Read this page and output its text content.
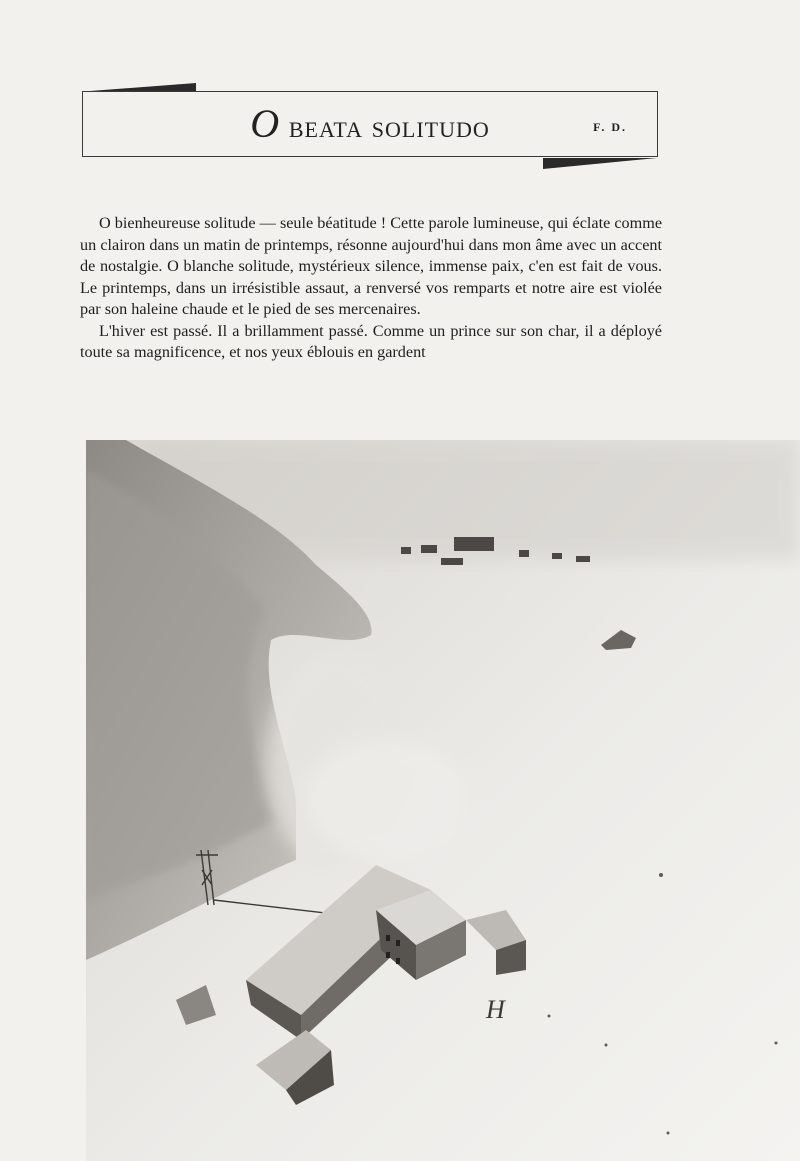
O beata solitudo	F. D.

O bienheureuse solitude — seule béatitude ! Cette parole lumineuse, qui éclate comme un clairon dans un matin de printemps, résonne aujourd'hui dans mon âme avec un accent de nostalgie. O blanche solitude, mystérieux silence, immense paix, c'en est fait de vous. Le printemps, dans un irrésistible assaut, a renversé vos remparts et notre aire est violée par son haleine chaude et le pied de ses mercenaires.

L'hiver est passé. Il a brillamment passé. Comme un prince sur son char, il a déployé toute sa magnificence, et nos yeux éblouis en gardent

H
